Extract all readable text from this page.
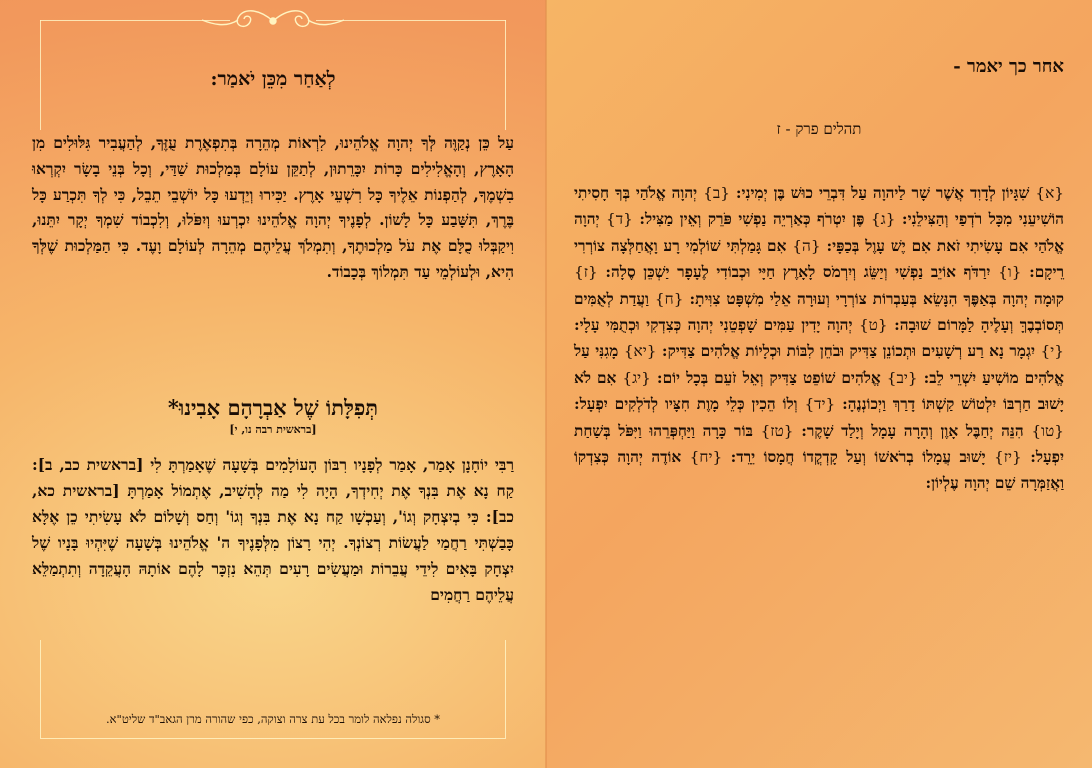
לְאַחַר מִכֵּן יֹאמַר:
עַל כֵּן נְקַוֶּה לְּךָ יְהוָה אֱלֹהֵינוּ, לִרְאוֹת מְהֵרָה בְּתִפְאֶרֶת עֻזֶּךָ, לְהַעֲבִיר גִּלּוּלִים מִן הָאָרֶץ, וְהָאֱלִילִים כָּרוֹת יִכָּרֵתוּן, לְתַקֵּן עוֹלָם בְּמַלְכוּת שַׁדַּי, וְכָל בְּנֵי בָשָׂר יִקְרְאוּ בִשְׁמֶךָ, לְהַפְנוֹת אֵלֶיךָ כָּל רִשְׁעֵי אָרֶץ. יַכִּירוּ וְיֵדְעוּ כָּל יוֹשְׁבֵי תֵבֵל, כִּי לְךָ תִּכְרַע כָּל בֶּרֶךְ, תִּשָּׁבַע כָּל לָשׁוֹן. לְפָנֶיךָ יְהוָה אֱלֹהֵינוּ יִכְרְעוּ וְיִפֹּלוּ, וְלִכְבוֹד שִׁמְךָ יְקָר יִתֵּנוּ, וִיקַבְּלוּ כֻלָּם אֶת עֹל מַלְכוּתֶךָ, וְתִמְלֹךְ עֲלֵיהֶם מְהֵרָה לְעוֹלָם וָעֶד. כִּי הַמַּלְכוּת שֶׁלְּךָ הִיא, וּלְעוֹלְמֵי עַד תִּמְלוֹךְ בְּכָבוֹד.
תְּפִלָּתוֹ שֶׁל אַבְרָהָם אָבִינוּ*
[בראשית רבה נו, י]
רַבִּי יוֹחָנָן אָמַר, אָמַר לְפָנָיו רִבּוֹן הָעוֹלָמִים בְּשָׁעָה שֶׁאָמַרְתָּ לִי [בראשית כב, ב]: קַח נָא אֶת בִּנְךָ אֶת יְחִידְךָ, הָיָה לִי מַה לְּהָשִׁיב, אֶתְמוֹל אָמַרְתָּ [בראשית כא, כב]: כִּי בְיִצְחָק וְגוֹ', וְעַכְשָׁו קַח נָא אֶת בִּנְךָ וְגוֹ' וְחַס וְשָׁלוֹם לֹא עָשִׂיתִי כֵן אֶלָּא כָּבַשְׁתִּי רַחֲמַי לַעֲשׂוֹת רְצוֹנְךָ. יְהִי רָצוֹן מִלְּפָנֶיךָ ה' אֱלֹהֵינוּ בְּשָׁעָה שֶׁיִּהְיוּ בָּנָיו שֶׁל יִצְחָק בָּאִים לִידֵי עֲבֵרוֹת וּמַעֲשִׂים רָעִים תְּהֵא נִזְכָּר לָהֶם אוֹתָהּ הָעֲקֵדָה וְתִתְמַלֵּא עֲלֵיהֶם רַחֲמִים
* סגולה נפלאה לומר בכל עת צרה וצוקה, כפי שהורה מרן הגאב"ד שליט"א.
אחר כך יאמר -
תהלים פרק - ז
{א} שִׁגָּיוֹן לְדָוִד אֲשֶׁר שָׁר לַיהוָה עַל דִּבְרֵי כוּשׁ בֶּן יְמִינִי: {ב} יְהוָה אֱלֹהַי בְּךָ חָסִיתִי הוֹשִׁיעֵנִי מִכָּל רֹדְפַי וְהַצִּילֵנִי: {ג} פֶּן יִטְרֹף כְּאַרְיֵה נַפְשִׁי פֹּרֵק וְאֵין מַצִּיל: {ד} יְהוָה אֱלֹהַי אִם עָשִׂיתִי זֹאת אִם יֶשׁ עָוֶל בְּכַפָּי: {ה} אִם גָּמַלְתִּי שׁוֹלְמִי רָע וָאֲחַלְּצָה צוֹרְרִי רֵיקָם: {ו} יִרַדֹּף אוֹיֵב נַפְשִׁי וְיַשֵּׂג וְיִרְמֹס לָאָרֶץ חַיָּי וּכְבוֹדִי לֶעָפָר יַשְׁכֵּן סֶלָה: {ז} קוּמָה יְהוָה בְּאַפֶּךָ הִנָּשֵׂא בְּעַבְרוֹת צוֹרְרָי וְעוּרָה אֵלַי מִשְׁפָּט צִוִּיתָ: {ח} וַעֲדַת לְאֻמִּים תְּסוֹבְבֶךָּ וְעָלֶיהָ לַמָּרוֹם שׁוּבָה: {ט} יְהוָה יָדִין עַמִּים שָׁפְטֵנִי יְהוָה כְּצִדְקִי וּכְתֻמִּי עָלָי: {י} יִגְמָר נָא רַע רְשָׁעִים וּתְכוֹנֵן צַדִּיק וּבֹחֵן לִבּוֹת וּכְלָיוֹת אֱלֹהִים צַדִּיק: {יא} מָגִנִּי עַל אֱלֹהִים מוֹשִׁיעַ יִשְׁרֵי לֵב: {יב} אֱלֹהִים שׁוֹפֵט צַדִּיק וְאֵל זֹעֵם בְּכָל יוֹם: {יג} אִם לֹא יָשׁוּב חַרְבּוֹ יִלְטוֹשׁ קַשְׁתּוֹ דָרַךְ וַיְכוֹנְנֶהָ: {יד} וְלוֹ הֵכִין כְּלֵי מָוֶת חִצָּיו לְדֹלְקִים יִפְעָל: {טו} הִנֵּה יְחַבֶּל אָוֶן וְהָרָה עָמָל וְיָלַד שָׁקֶר: {טז} בּוֹר כָּרָה וַיַּחְפְּרֵהוּ וַיִּפֹּל בְּשַׁחַת יִפְעָל: {יז} יָשׁוּב עֲמָלוֹ בְרֹאשׁוֹ וְעַל קָדְקֳדוֹ חֲמָסוֹ יֵרֵד: {יח} אוֹדֶה יְהוָה כְּצִדְקוֹ וַאֲזַמְּרָה שֵׁם יְהוָה עֶלְיוֹן:
